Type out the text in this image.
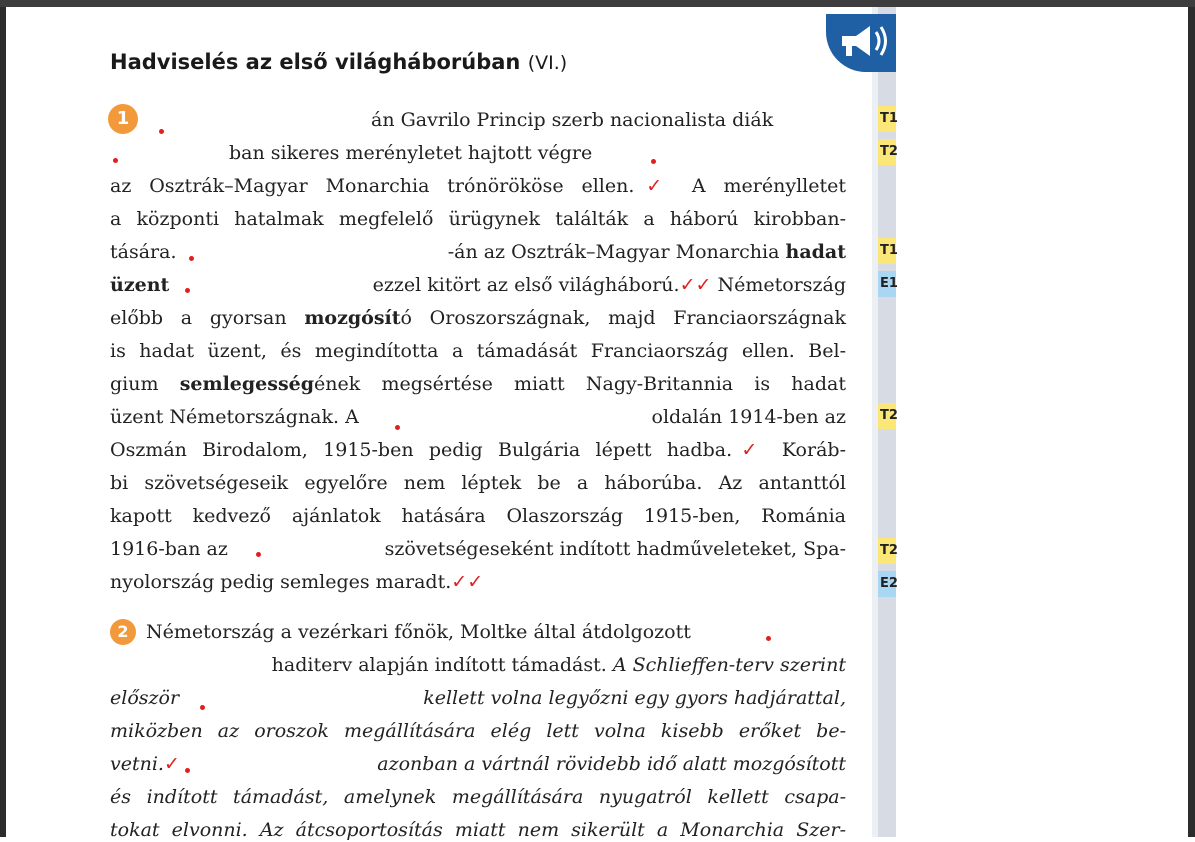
Hadviselés az első világháborúban (VI.)
1	án Gavrilo Princip szerb nacionalista diák
ban sikeres merényletet hajtott végre
az Osztrák–Magyar Monarchia trónörököse ellen.✓ A merénylletet
a központi hatalmak megfelelő ürügynek találták a háború kirobban-
tására.	-án az Osztrák–Magyar Monarchia hadat
üzent	ezzel kitört az első világháború.✓✓ Németország
előbb a gyorsan mozgósító Oroszországnak, majd Franciaországnak
is hadat üzent, és megindította a támadását Franciaország ellen. Bel-
gium semlegességének megsértése miatt Nagy-Britannia is hadat
üzent Németországnak. A	oldalán 1914-ben az
Oszmán Birodalom, 1915-ben pedig Bulgária lépett hadba.✓ Koráb-
bi szövetségeseik egyelőre nem léptek be a háborúba. Az antanttól
kapott kedvező ajánlatok hatására Olaszország 1915-ben, Románia
1916-ban az	szövetségeseként indított hadműveleteket, Spa-
nyolország pedig semleges maradt.✓✓
2 Németország a vezérkari főnök, Moltke által átdolgozott
haditerv alapján indított támadást. A Schlieffen-terv szerint
először	kellett volna legyőzni egy gyors hadjárattal,
miközben az oroszok megállítására elég lett volna kisebb erőket be-
vetni.✓	azonban a vártnál rövidebb idő alatt mozgósított
és indított támadást, amelynek megállítására nyugatról kellett csapa-
tokat elvonni. Az átcsoportosítás miatt nem sikerült a Monarchia Szer-
T1
T2
T1
E1
T2
T2
E2
